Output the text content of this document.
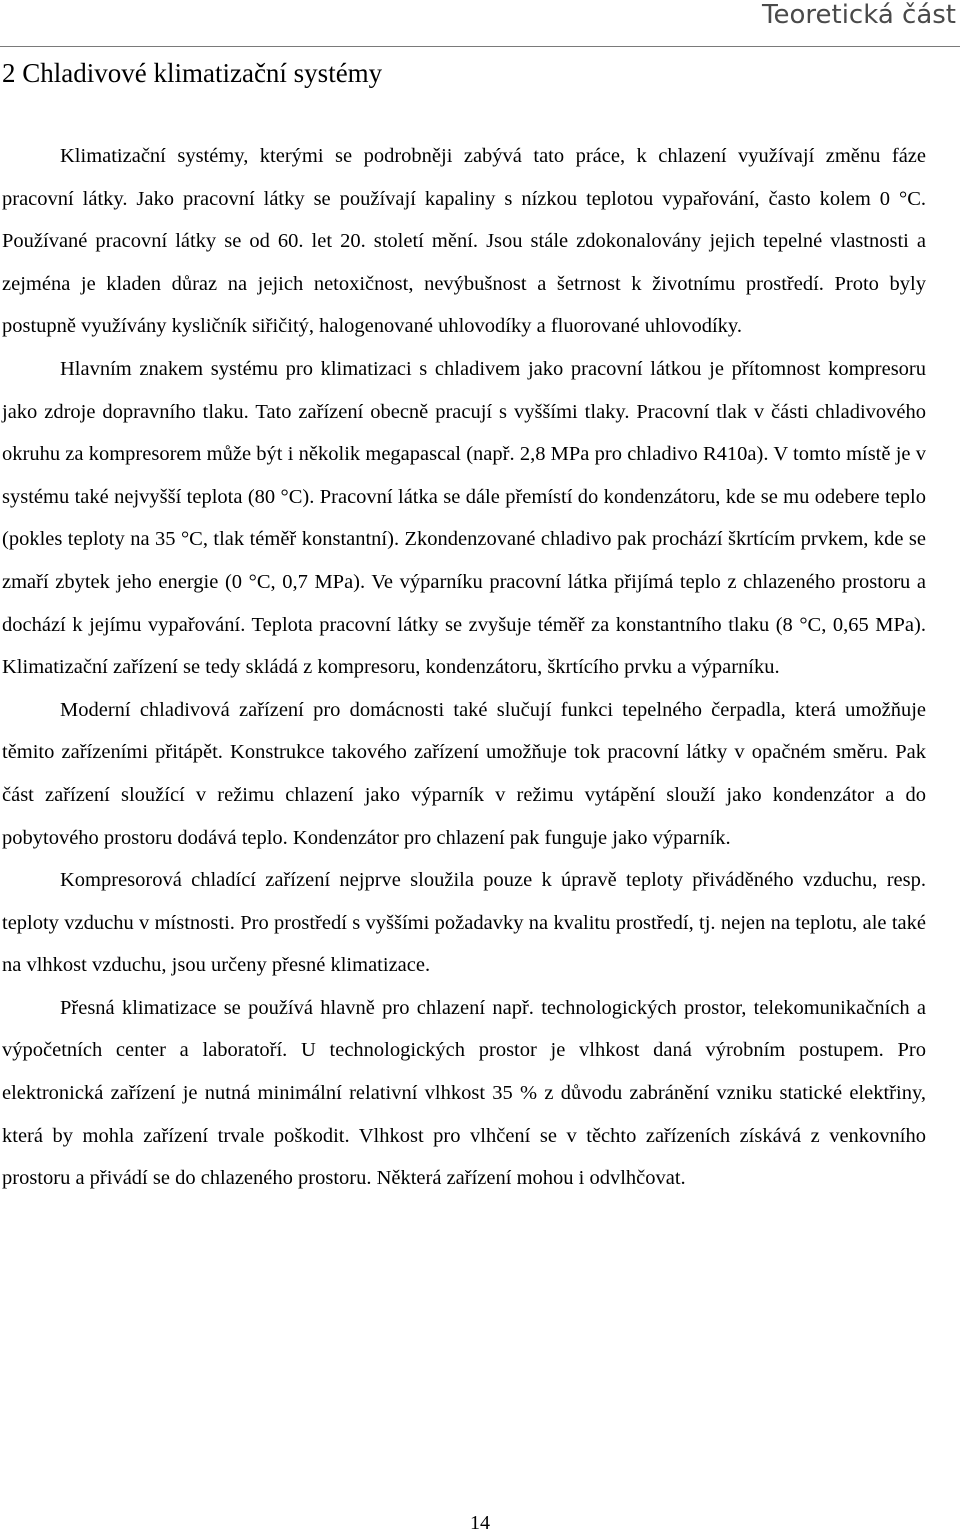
Teoretická část
2 Chladivové klimatizační systémy

Klimatizační systémy, kterými se podrobněji zabývá tato práce, k chlazení využívají změnu fáze pracovní látky. Jako pracovní látky se používají kapaliny s nízkou teplotou vypařování, často kolem 0 °C. Používané pracovní látky se od 60. let 20. století mění. Jsou stále zdokonalovány jejich tepelné vlastnosti a zejména je kladen důraz na jejich netoxičnost, nevýbušnost a šetrnost k životnímu prostředí. Proto byly postupně využívány kysličník siřičitý, halogenované uhlovodíky a fluorované uhlovodíky.

Hlavním znakem systému pro klimatizaci s chladivem jako pracovní látkou je přítomnost kompresoru jako zdroje dopravního tlaku. Tato zařízení obecně pracují s vyššími tlaky. Pracovní tlak v části chladivového okruhu za kompresorem může být i několik megapascal (např. 2,8 MPa pro chladivo R410a). V tomto místě je v systému také nejvyšší teplota (80 °C). Pracovní látka se dále přemístí do kondenzátoru, kde se mu odebere teplo (pokles teploty na 35 °C, tlak téměř konstantní). Zkondenzované chladivo pak prochází škrtícím prvkem, kde se zmaří zbytek jeho energie (0 °C, 0,7 MPa). Ve výparníku pracovní látka přijímá teplo z chlazeného prostoru a dochází k jejímu vypařování. Teplota pracovní látky se zvyšuje téměř za konstantního tlaku (8 °C, 0,65 MPa). Klimatizační zařízení se tedy skládá z kompresoru, kondenzátoru, škrtícího prvku a výparníku.

Moderní chladivová zařízení pro domácnosti také slučují funkci tepelného čerpadla, která umožňuje těmito zařízeními přitápět. Konstrukce takového zařízení umožňuje tok pracovní látky v opačném směru. Pak část zařízení sloužící v režimu chlazení jako výparník v režimu vytápění slouží jako kondenzátor a do pobytového prostoru dodává teplo. Kondenzátor pro chlazení pak funguje jako výparník.

Kompresorová chladící zařízení nejprve sloužila pouze k úpravě teploty přiváděného vzduchu, resp. teploty vzduchu v místnosti. Pro prostředí s vyššími požadavky na kvalitu prostředí, tj. nejen na teplotu, ale také na vlhkost vzduchu, jsou určeny přesné klimatizace.

Přesná klimatizace se používá hlavně pro chlazení např. technologických prostor, telekomunikačních a výpočetních center a laboratoří. U technologických prostor je vlhkost daná výrobním postupem. Pro elektronická zařízení je nutná minimální relativní vlhkost 35 % z důvodu zabránění vzniku statické elektřiny, která by mohla zařízení trvale poškodit. Vlhkost pro vlhčení se v těchto zařízeních získává z venkovního prostoru a přivádí se do chlazeného prostoru. Některá zařízení mohou i odvlhčovat.

14
